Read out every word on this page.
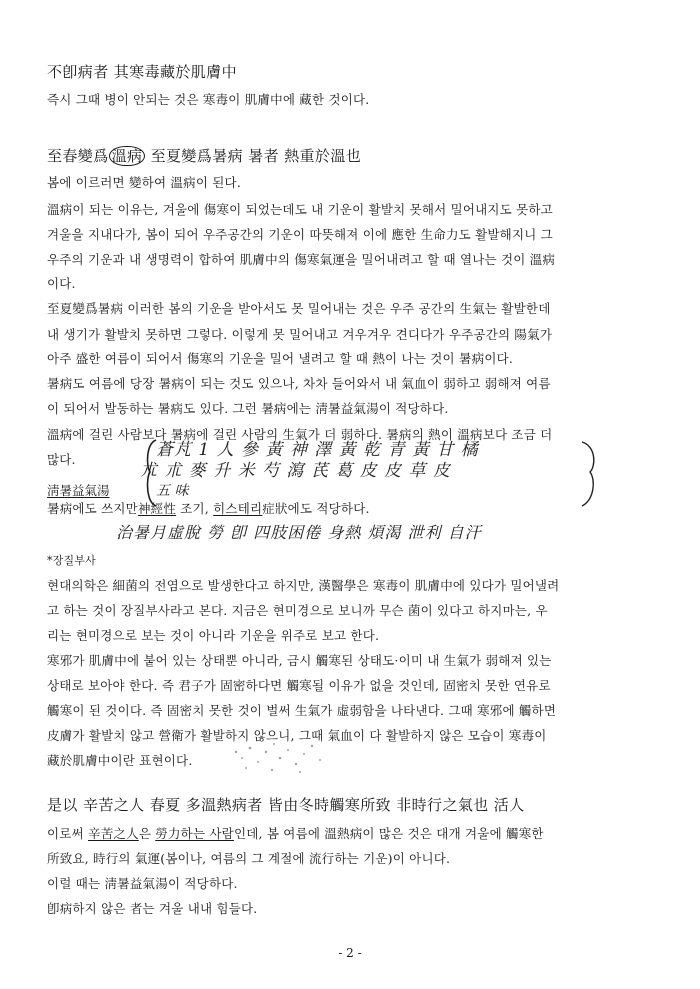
不卽病者 其寒毒藏於肌膚中
즉시 그때 병이 안되는 것은 寒毒이 肌膚中에 藏한 것이다.
至春變爲 溫病 至夏變爲暑病 暑者 熱重於溫也
봄에 이르러면 變하여 溫病이 된다.
溫病이 되는 이유는, 겨울에 傷寒이 되었는데도 내 기운이 활발치 못해서 밀어내지도 못하고
겨울을 지내다가, 봄이 되어 우주공간의 기운이 따뜻해져 이에 應한 生命力도 활발해지니 그
우주의 기운과 내 생명력이 합하여 肌膚中의 傷寒氣運을 밀어내려고 할 때 열나는 것이 溫病
이다.
至夏變爲暑病 이러한 봄의 기운을 받아서도 못 밀어내는 것은 우주 공간의 生氣는 활발한데
내 생기가 활발치 못하면 그렇다. 이렇게 못 밀어내고 겨우겨우 견디다가 우주공간의 陽氣가
아주 盛한 여름이 되어서 傷寒의 기운을 밀어 낼려고 할 때 熱이 나는 것이 暑病이다.
暑病도 여름에 당장 暑病이 되는 것도 있으나, 차차 들어와서 내 氣血이 弱하고 弱해져 여름
이 되어서 발동하는 暑病도 있다. 그런 暑病에는 淸暑益氣湯이 적당하다.
溫病에 걸린 사람보다 暑病에 걸린 사람의 生氣가 더 弱하다. 暑病의 熱이 溫病보다 조금 더
많다.
淸暑益氣湯
蒼芃 1 人 參 黃 神 澤 黃 乾 青 黃 甘 橘
朮 朮 麥 升 米 芍 瀉 芪 葛 皮 皮 草 皮
五 味
暑病에도 쓰지만神經性 조기, 히스테리症狀에도 적당하다.
治暑月虛脫 勞 卽 四肢困倦 身熱 煩渴 泄利 自汗
*장질부사
현대의학은 細菌의 전염으로 발생한다고 하지만, 漢醫學은 寒毒이 肌膚中에 있다가 밀어낼려
고 하는 것이 장질부사라고 본다. 지금은 현미경으로 보니까 무슨 菌이 있다고 하지마는, 우
리는 현미경으로 보는 것이 아니라 기운을 위주로 보고 한다.
寒邪가 肌膚中에 붙어 있는 상태뿐 아니라, 금시 觸寒된 상태도·이미 내 生氣가 弱해져 있는
상태로 보아야 한다. 즉 君子가 固密하다면 觸寒될 이유가 없을 것인데, 固密치 못한 연유로
觸寒이 된 것이다. 즉 固密치 못한 것이 벌써 生氣가 虛弱함을 나타낸다. 그때 寒邪에 觸하면
皮膚가 활발치 않고 營衛가 활발하지 않으니, 그때 氣血이 다 활발하지 않은 모습이 寒毒이
藏於肌膚中이란 표현이다.
是以 辛苦之人 春夏 多溫熱病者 皆由冬時觸寒所致 非時行之氣也 活人
이로써 辛苦之人은 勞力하는 사람인데, 봄 여름에 溫熱病이 많은 것은 대개 겨울에 觸寒한
所致요, 時行의 氣運(봄이나, 여름의 그 계절에 流行하는 기운)이 아니다.
이럴 때는 淸暑益氣湯이 적당하다.
卽病하지 않은 者는 겨울 내내 힘들다.
- 2 -
